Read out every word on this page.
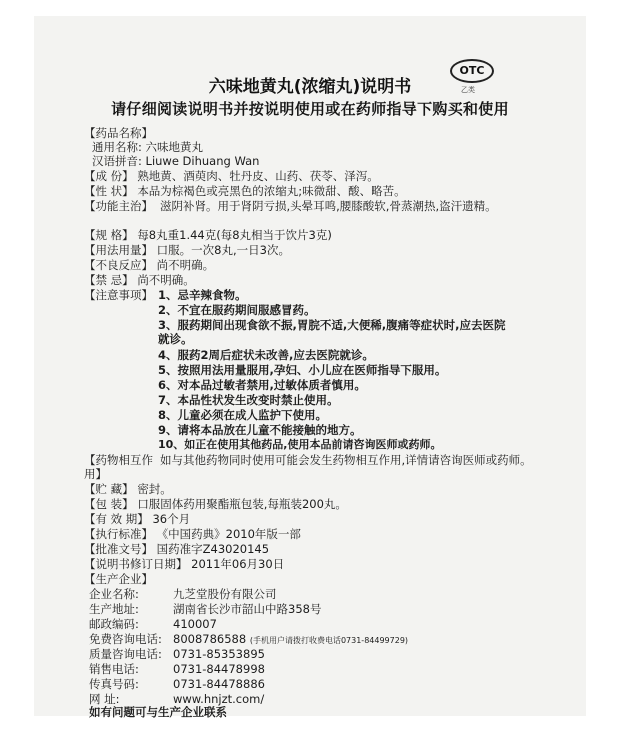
OTC
乙类
六味地黄丸(浓缩丸)说明书
请仔细阅读说明书并按说明使用或在药师指导下购买和使用
【药品名称】
通用名称: 六味地黄丸
汉语拼音: Liuwe Dihuang Wan
【成 份】 熟地黄、酒萸肉、牡丹皮、山药、茯苓、泽泻。
【性 状】 本品为棕褐色或亮黑色的浓缩丸;味微甜、酸、略苦。
【功能主治】 滋阴补肾。用于肾阴亏损,头晕耳鸣,腰膝酸软,骨蒸潮热,盗汗遗精。
【规 格】 每8丸重1.44克(每8丸相当于饮片3克)
【用法用量】 口服。一次8丸,一日3次。
【不良反应】 尚不明确。
【禁 忌】 尚不明确。
【注意事项】 1、忌辛辣食物。
2、不宜在服药期间服感冒药。
3、服药期间出现食欲不振,胃脘不适,大便稀,腹痛等症状时,应去医院就诊。
4、服药2周后症状未改善,应去医院就诊。
5、按照用法用量服用,孕妇、小儿应在医师指导下服用。
6、对本品过敏者禁用,过敏体质者慎用。
7、本品性状发生改变时禁止使用。
8、儿童必须在成人监护下使用。
9、请将本品放在儿童不能接触的地方。
10、如正在使用其他药品,使用本品前请咨询医师或药师。
【药物相互作用】
如与其他药物同时使用可能会发生药物相互作用,详情请咨询医师或药师。
【贮 藏】 密封。
【包 装】 口服固体药用聚酯瓶包装,每瓶装200丸。
【有 效 期】 36个月
【执行标准】 《中国药典》2010年版一部
【批准文号】 国药准字Z43020145
【说明书修订日期】 2011年06月30日
【生产企业】
企业名称:	九芝堂股份有限公司
生产地址:	湖南省长沙市韶山中路358号
邮政编码:	410007
免费咨询电话: 8008786588 (手机用户请拨打收费电话0731-84499729)
质量咨询电话: 0731-85353895
销售电话:	0731-84478998
传真号码:	0731-84478886
网 址:	www.hnjzt.com/
如有问题可与生产企业联系
